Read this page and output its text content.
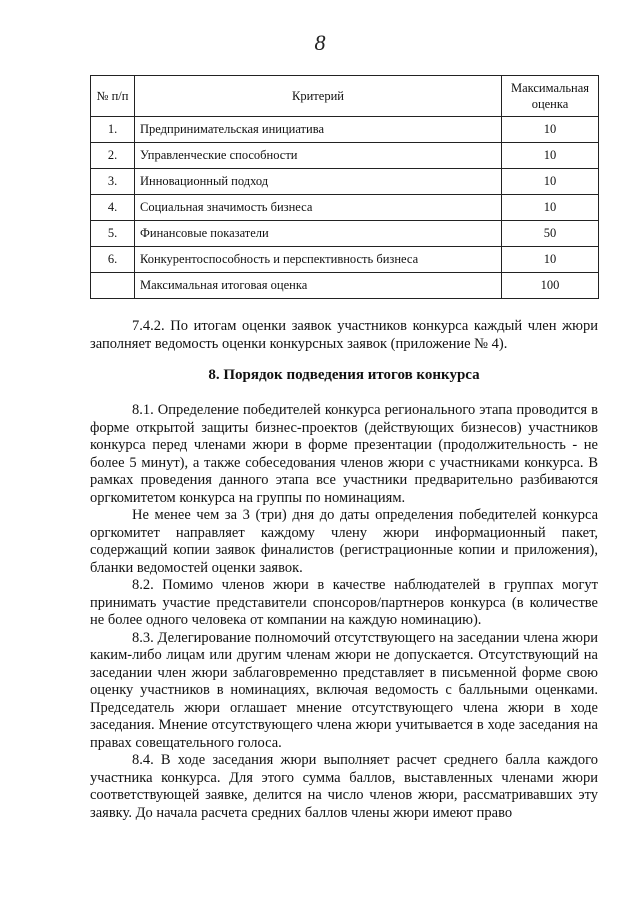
8
№ п/п	Критерий	Максимальная оценка
1.	Предпринимательская инициатива	10
2.	Управленческие способности	10
3.	Инновационный подход	10
4.	Социальная значимость бизнеса	10
5.	Финансовые показатели	50
6.	Конкурентоспособность и перспективность бизнеса	10
	Максимальная итоговая оценка	100

7.4.2. По итогам оценки заявок участников конкурса каждый член жюри заполняет ведомость оценки конкурсных заявок (приложение № 4).

8. Порядок подведения итогов конкурса

8.1. Определение победителей конкурса регионального этапа проводится в форме открытой защиты бизнес-проектов (действующих бизнесов) участников конкурса перед членами жюри в форме презентации (продолжительность - не более 5 минут), а также собеседования членов жюри с участниками конкурса. В рамках проведения данного этапа все участники предварительно разбиваются оргкомитетом конкурса на группы по номинациям.

Не менее чем за 3 (три) дня до даты определения победителей конкурса оргкомитет направляет каждому члену жюри информационный пакет, содержащий копии заявок финалистов (регистрационные копии и приложения), бланки ведомостей оценки заявок.

8.2. Помимо членов жюри в качестве наблюдателей в группах могут принимать участие представители спонсоров/партнеров конкурса (в количестве не более одного человека от компании на каждую номинацию).

8.3. Делегирование полномочий отсутствующего на заседании члена жюри каким-либо лицам или другим членам жюри не допускается. Отсутствующий на заседании член жюри заблаговременно представляет в письменной форме свою оценку участников в номинациях, включая ведомость с балльными оценками. Председатель жюри оглашает мнение отсутствующего члена жюри в ходе заседания. Мнение отсутствующего члена жюри учитывается в ходе заседания на правах совещательного голоса.

8.4. В ходе заседания жюри выполняет расчет среднего балла каждого участника конкурса. Для этого сумма баллов, выставленных членами жюри соответствующей заявке, делится на число членов жюри, рассматривавших эту заявку. До начала расчета средних баллов члены жюри имеют право
